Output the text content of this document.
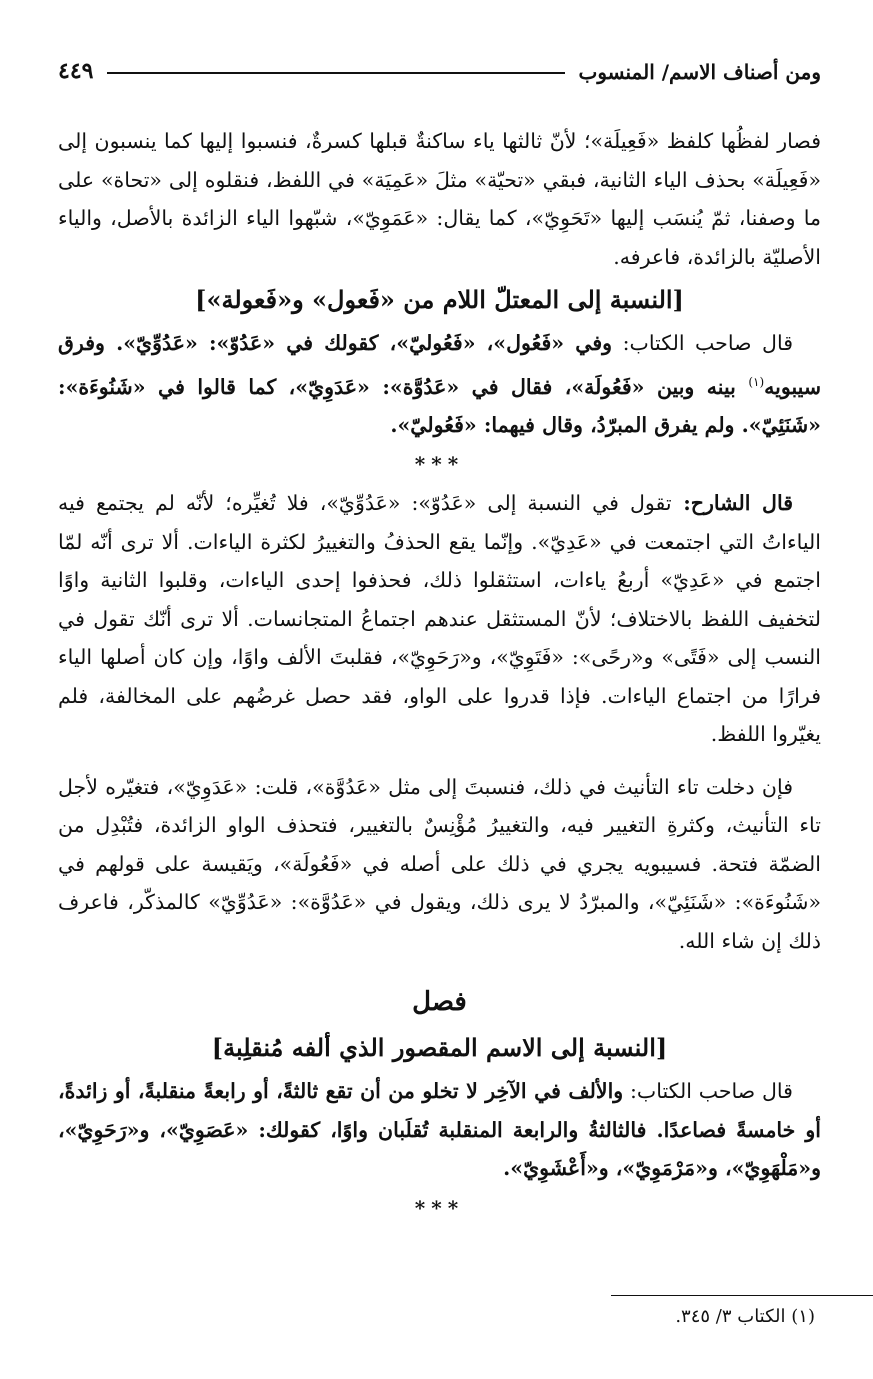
ومن أصناف الاسم/ المنسوب
٤٤٩

فصار لفظُها كلفظ «فَعِيلَة»؛ لأنّ ثالثها ياء ساكنةٌ قبلها كسرةٌ، فنسبوا إليها كما ينسبون إلى «فَعِيلَة» بحذف الياء الثانية، فبقي «تحيّة» مثلَ «عَمِيَة» في اللفظ، فنقلوه إلى «تحاة» على ما وصفنا، ثمّ يُنسَب إليها «تَحَوِيّ»، كما يقال: «عَمَوِيّ»، شبّهوا الياء الزائدة بالأصل، والياء الأصليّة بالزائدة، فاعرفه.

[النسبة إلى المعتلّ اللام من «فَعول» و«فَعولة»]

قال صاحب الكتاب: وفي «فَعُول»، «فَعُوليّ»، كقولك في «عَدُوّ»: «عَدُوِّيّ». وفرق سيبويه$^{(١)}$ بينه وبين «فَعُولَة»، فقال في «عَدُوَّة»: «عَدَوِيّ»، كما قالوا في «شَنُوءَة»: «شَنَئِيّ». ولم يفرق المبرّدُ، وقال فيهما: «فَعُوليّ».

***

قال الشارح: تقول في النسبة إلى «عَدُوّ»: «عَدُوِّيّ»، فلا تُغيِّره؛ لأنّه لم يجتمع فيه الياءاتُ التي اجتمعت في «عَدِيّ». وإنّما يقع الحذفُ والتغييرُ لكثرة الياءات. ألا ترى أنّه لمّا اجتمع في «عَدِيّ» أربعُ ياءات، استثقلوا ذلك، فحذفوا إحدى الياءات، وقلبوا الثانية واوًا لتخفيف اللفظ بالاختلاف؛ لأنّ المستثقل عندهم اجتماعُ المتجانسات. ألا ترى أنّك تقول في النسب إلى «فَتًى» و«رحًى»: «فَتَوِيّ»، و«رَحَوِيّ»، فقلبتَ الألف واوًا، وإن كان أصلها الياء فرارًا من اجتماع الياءات. فإذا قدروا على الواو، فقد حصل غرضُهم على المخالفة، فلم يغيّروا اللفظ.

فإن دخلت تاء التأنيث في ذلك، فنسبتَ إلى مثل «عَدُوَّة»، قلت: «عَدَوِيّ»، فتغيّره لأجل تاء التأنيث، وكثرةِ التغيير فيه، والتغييرُ مُؤْنِسٌ بالتغيير، فتحذف الواو الزائدة، فتُبْدِل من الضمّة فتحة. فسيبويه يجري في ذلك على أصله في «فَعُولَة»، ويَقيسة على قولهم في «شَنُوءَة»: «شَنَئِيّ»، والمبرّدُ لا يرى ذلك، ويقول في «عَدُوَّة»: «عَدُوِّيّ» كالمذكّر، فاعرف ذلك إن شاء الله.

فصل
[النسبة إلى الاسم المقصور الذي ألفه مُنقلِبة]

قال صاحب الكتاب: والألف في الآخِر لا تخلو من أن تقع ثالثةً، أو رابعةً منقلبةً، أو زائدةً، أو خامسةً فصاعدًا. فالثالثةُ والرابعة المنقلبة تُقلَبان واوًا، كقولك: «عَصَوِيّ»، و«رَحَوِيّ»، و«مَلْهَوِيّ»، و«مَرْمَوِيّ»، و«أَعْشَوِيّ».

***
(١) الكتاب ٣/ ٣٤٥.
